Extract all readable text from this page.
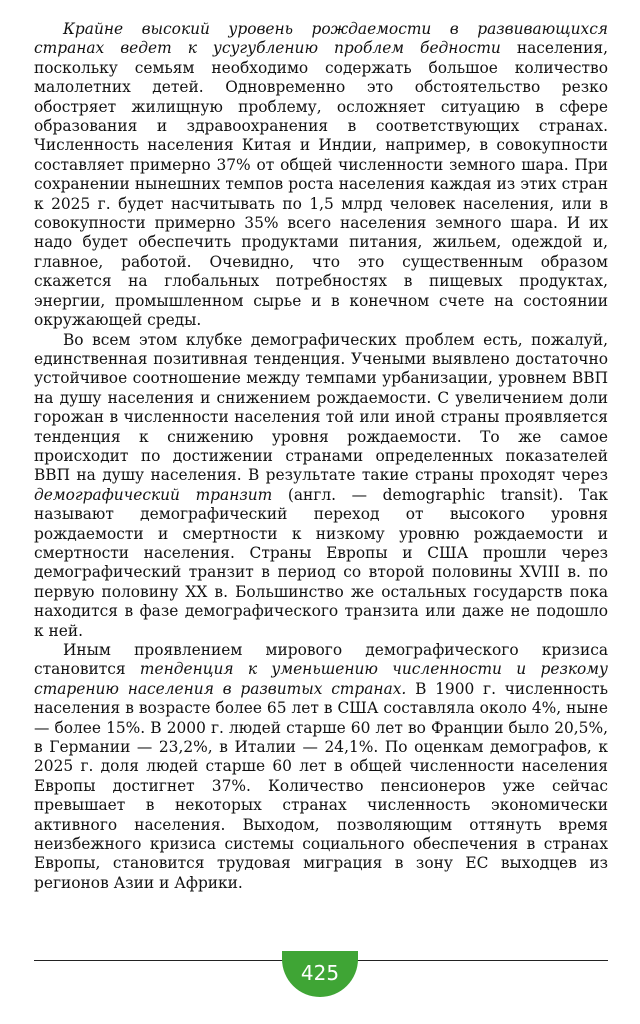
Крайне высокий уровень рождаемости в развивающихся странах ведет к усугублению проблем бедности населения, поскольку семьям необходимо содержать большое количество малолетних детей. Одновременно это обстоятельство резко обостряет жилищную проблему, осложняет ситуацию в сфере образования и здравоохранения в соответствующих странах. Численность населения Китая и Индии, например, в совокупности составляет примерно 37% от общей численности земного шара. При сохранении нынешних темпов роста населения каждая из этих стран к 2025 г. будет насчитывать по 1,5 млрд человек населения, или в совокупности примерно 35% всего населения земного шара. И их надо будет обеспечить продуктами питания, жильем, одеждой и, главное, работой. Очевидно, что это существенным образом скажется на глобальных потребностях в пищевых продуктах, энергии, промышленном сырье и в конечном счете на состоянии окружающей среды.

Во всем этом клубке демографических проблем есть, пожалуй, единственная позитивная тенденция. Учеными выявлено достаточно устойчивое соотношение между темпами урбанизации, уровнем ВВП на душу населения и снижением рождаемости. С увеличением доли горожан в численности населения той или иной страны проявляется тенденция к снижению уровня рождаемости. То же самое происходит по достижении странами определенных показателей ВВП на душу населения. В результате такие страны проходят через демографический транзит (англ. — demographic transit). Так называют демографический переход от высокого уровня рождаемости и смертности к низкому уровню рождаемости и смертности населения. Страны Европы и США прошли через демографический транзит в период со второй половины XVIII в. по первую половину XX в. Большинство же остальных государств пока находится в фазе демографического транзита или даже не подошло к ней.

Иным проявлением мирового демографического кризиса становится тенденция к уменьшению численности и резкому старению населения в развитых странах. В 1900 г. численность населения в возрасте более 65 лет в США составляла около 4%, ныне — более 15%. В 2000 г. людей старше 60 лет во Франции было 20,5%, в Германии — 23,2%, в Италии — 24,1%. По оценкам демографов, к 2025 г. доля людей старше 60 лет в общей численности населения Европы достигнет 37%. Количество пенсионеров уже сейчас превышает в некоторых странах численность экономически активного населения. Выходом, позволяющим оттянуть время неизбежного кризиса системы социального обеспечения в странах Европы, становится трудовая миграция в зону ЕС выходцев из регионов Азии и Африки.

425
